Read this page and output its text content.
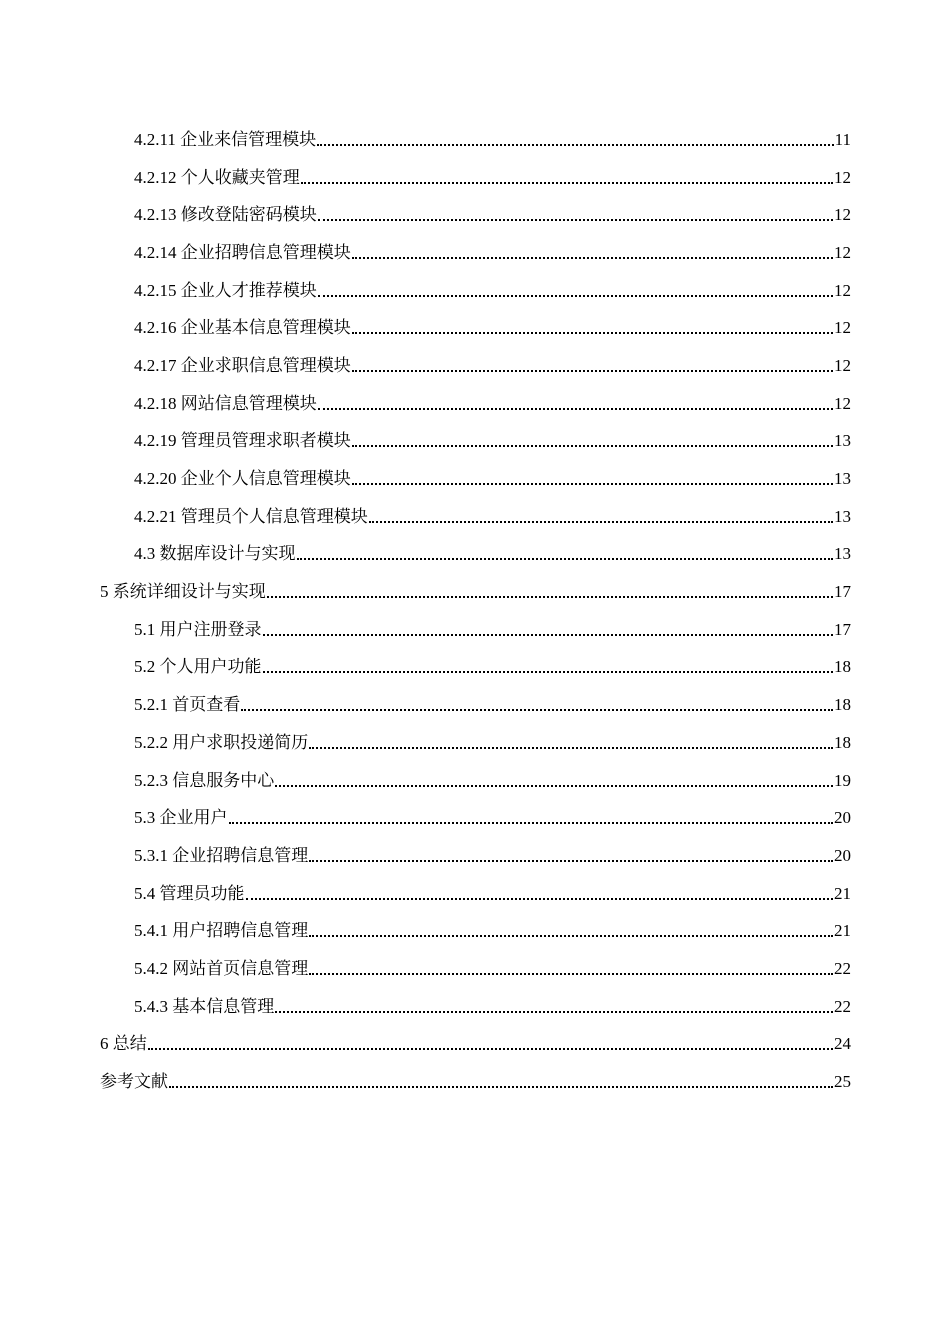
4.2.11 企业来信管理模块	11
4.2.12 个人收藏夹管理	12
4.2.13 修改登陆密码模块	12
4.2.14 企业招聘信息管理模块	12
4.2.15 企业人才推荐模块	12
4.2.16 企业基本信息管理模块	12
4.2.17 企业求职信息管理模块	12
4.2.18 网站信息管理模块	12
4.2.19 管理员管理求职者模块	13
4.2.20 企业个人信息管理模块	13
4.2.21 管理员个人信息管理模块	13
4.3 数据库设计与实现	13
5 系统详细设计与实现	17
5.1 用户注册登录	17
5.2 个人用户功能	18
5.2.1 首页查看	18
5.2.2 用户求职投递简历	18
5.2.3 信息服务中心	19
5.3 企业用户	20
5.3.1 企业招聘信息管理	20
5.4 管理员功能	21
5.4.1 用户招聘信息管理	21
5.4.2 网站首页信息管理	22
5.4.3 基本信息管理	22
6 总结	24
参考文献	25
